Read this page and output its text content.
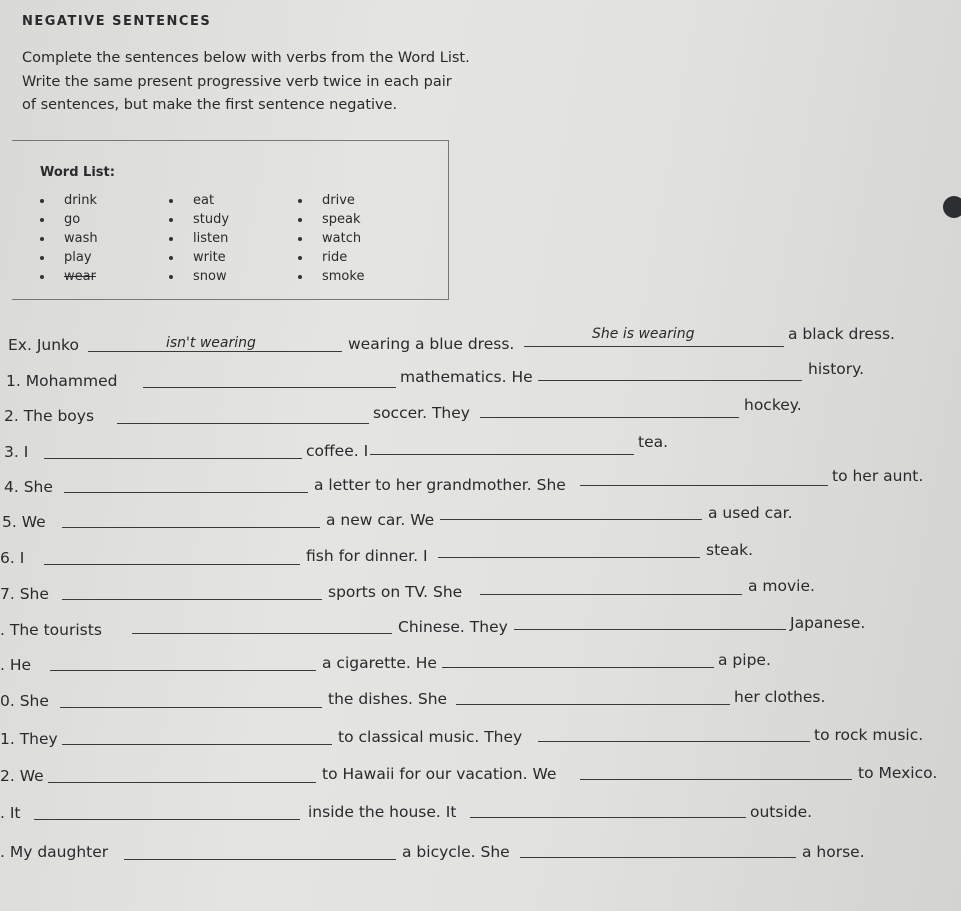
NEGATIVE SENTENCES
Complete the sentences below with verbs from the Word List.
Write the same present progressive verb twice in each pair
of sentences, but make the first sentence negative.
Word List:
drink
go
wash
play
wear
eat
study
listen
write
snow
drive
speak
watch
ride
smoke
Ex. Junko	isn't wearing	wearing a blue dress.
She is wearing	a black dress.
1. Mohammed	mathematics. He	history.
2. The boys	soccer. They	hockey.
3. I	coffee. I	tea.
4. She	a letter to her grandmother. She	to her aunt.
5. We	a new car. We	a used car.
6. I	fish for dinner. I	steak.
7. She	sports on TV. She	a movie.
. The tourists	Chinese. They	Japanese.
. He	a cigarette. He	a pipe.
0. She	the dishes. She	her clothes.
1. They	to classical music. They	to rock music.
2. We	to Hawaii for our vacation. We	to Mexico.
. It	inside the house. It	outside.
. My daughter	a bicycle. She	a horse.
